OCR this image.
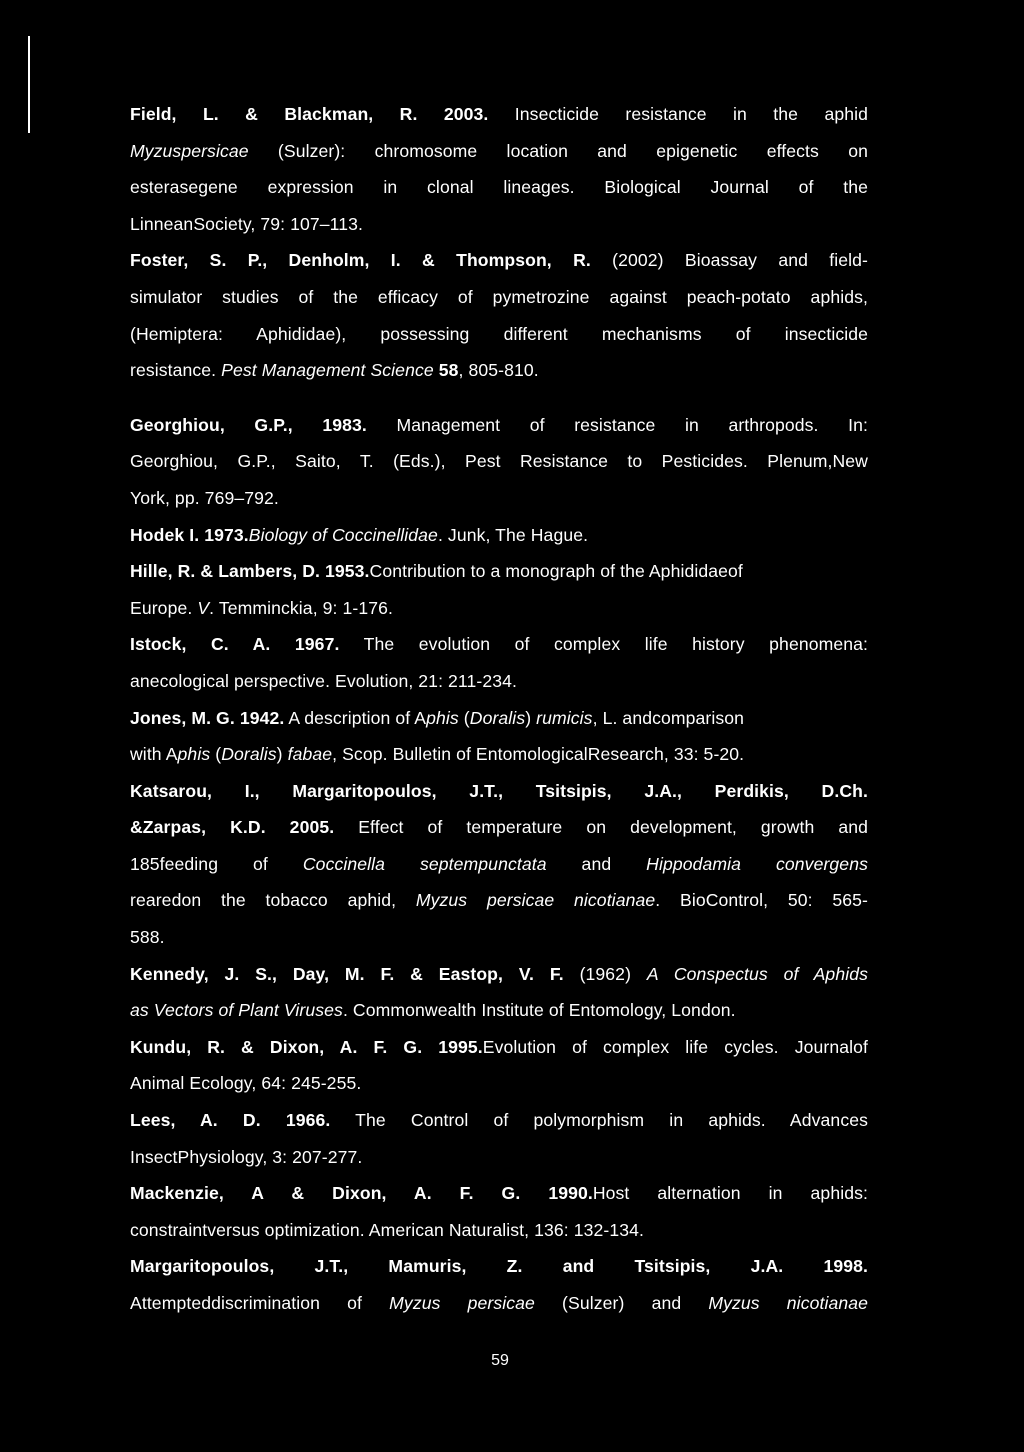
Field, L. & Blackman, R. 2003. Insecticide resistance in the aphid
Myzuspersicae (Sulzer): chromosome location and epigenetic effects on
esterasegene expression in clonal lineages. Biological Journal of the
LinneanSociety, 79: 107–113.
Foster, S. P., Denholm, I. & Thompson, R. (2002) Bioassay and field-
simulator studies of the efficacy of pymetrozine against peach-potato aphids,
(Hemiptera: Aphididae), possessing different mechanisms of insecticide
resistance. Pest Management Science 58, 805-810.
Georghiou, G.P., 1983. Management of resistance in arthropods. In:
Georghiou, G.P., Saito, T. (Eds.), Pest Resistance to Pesticides. Plenum,New
York, pp. 769–792.
Hodek I. 1973.Biology of Coccinellidae. Junk, The Hague.
Hille, R. & Lambers, D. 1953.Contribution to a monograph of the Aphididaeof
Europe. V. Temminckia, 9: 1-176.
Istock, C. A. 1967. The evolution of complex life history phenomena:
anecological perspective. Evolution, 21: 211-234.
Jones, M. G. 1942. A description of Aphis (Doralis) rumicis, L. andcomparison
with Aphis (Doralis) fabae, Scop. Bulletin of EntomologicalResearch, 33: 5-20.
Katsarou, I., Margaritopoulos, J.T., Tsitsipis, J.A., Perdikis, D.Ch.
&Zarpas, K.D. 2005. Effect of temperature on development, growth and
185feeding of Coccinella septempunctata and Hippodamia convergens
rearedon the tobacco aphid, Myzus persicae nicotianae. BioControl, 50: 565-
588.
Kennedy, J. S., Day, M. F. & Eastop, V. F. (1962) A Conspectus of Aphids
as Vectors of Plant Viruses. Commonwealth Institute of Entomology, London.
Kundu, R. & Dixon, A. F. G. 1995.Evolution of complex life cycles. Journalof
Animal Ecology, 64: 245-255.
Lees, A. D. 1966. The Control of polymorphism in aphids. Advances
InsectPhysiology, 3: 207-277.
Mackenzie, A & Dixon, A. F. G. 1990.Host alternation in aphids:
constraintversus optimization. American Naturalist, 136: 132-134.
Margaritopoulos, J.T., Mamuris, Z. and Tsitsipis, J.A. 1998.
Attempteddiscrimination of Myzus persicae (Sulzer) and Myzus nicotianae
59
